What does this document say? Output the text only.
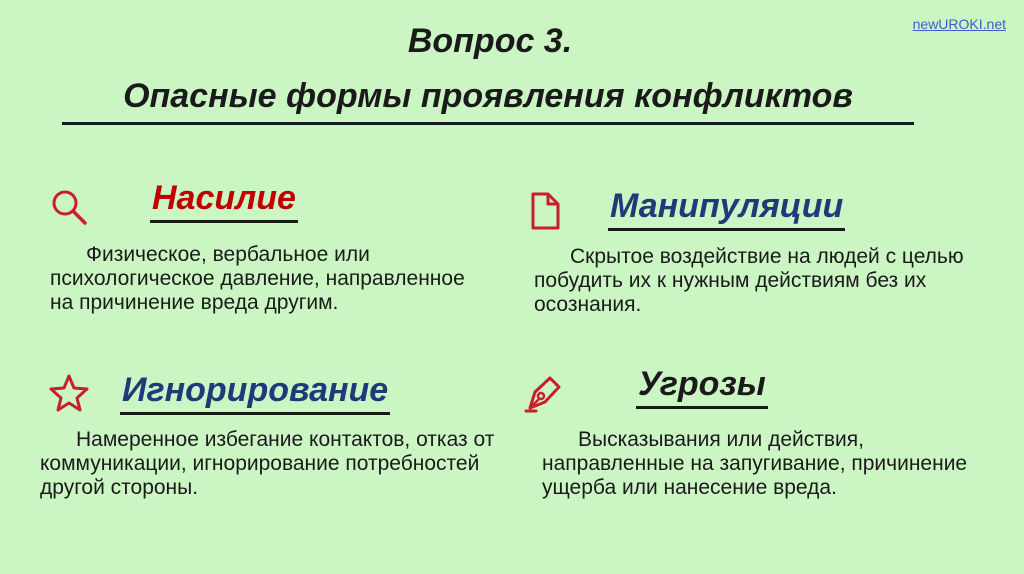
newUROKI.net
Вопрос 3.
Опасные формы проявления конфликтов
Насилие
Физическое, вербальное или психологическое давление, направленное на причинение вреда другим.
Манипуляции
Скрытое воздействие на людей с целью побудить их к нужным действиям без их осознания.
Игнорирование
Намеренное избегание контактов, отказ от коммуникации, игнорирование потребностей другой стороны.
Угрозы
Высказывания или действия, направленные на запугивание, причинение ущерба или нанесение вреда.
